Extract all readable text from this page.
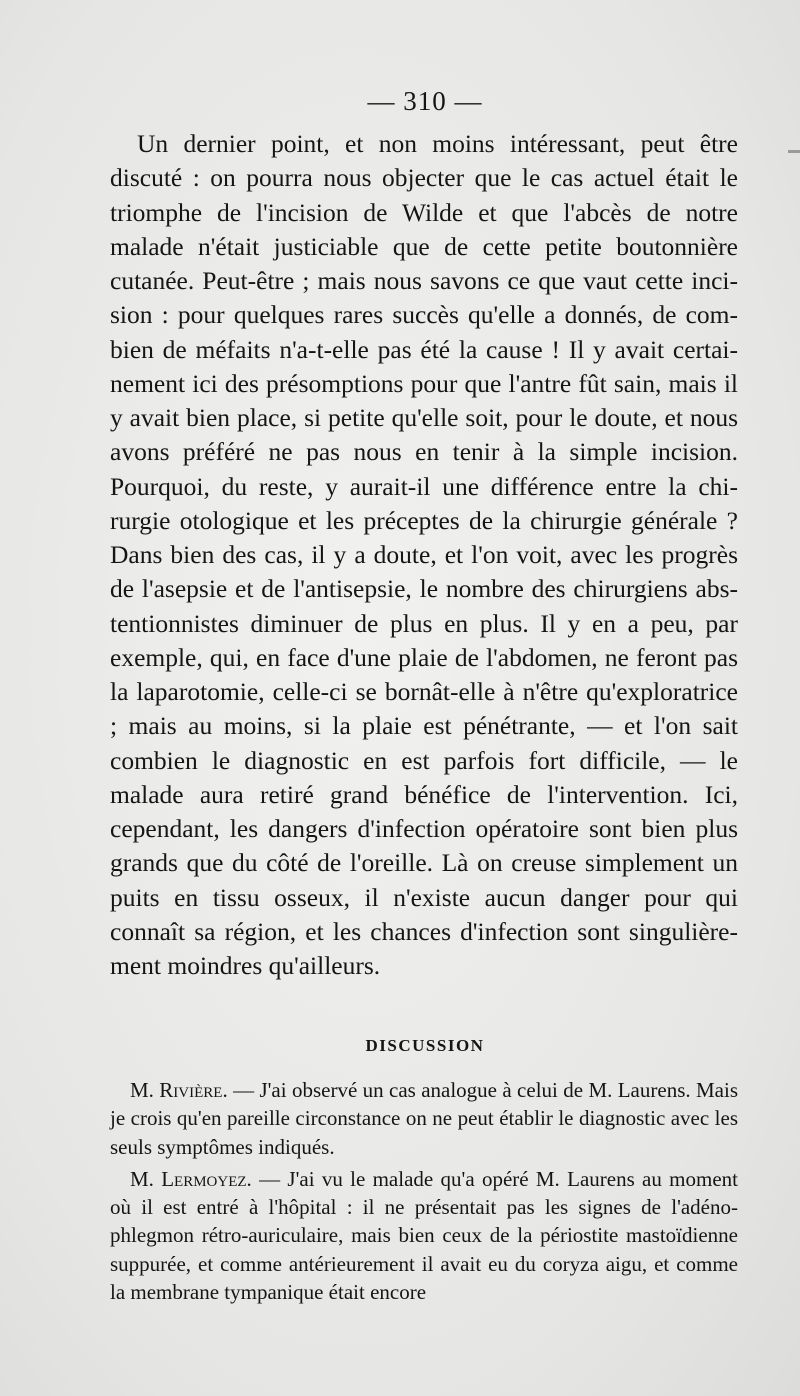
— 310 —

Un dernier point, et non moins intéressant, peut être discuté : on pourra nous objecter que le cas actuel était le triomphe de l'incision de Wilde et que l'abcès de notre malade n'était justiciable que de cette petite boutonnière cutanée. Peut-être ; mais nous savons ce que vaut cette incision : pour quelques rares succès qu'elle a donnés, de combien de méfaits n'a-t-elle pas été la cause ! Il y avait certainement ici des présomptions pour que l'antre fût sain, mais il y avait bien place, si petite qu'elle soit, pour le doute, et nous avons préféré ne pas nous en tenir à la simple incision. Pourquoi, du reste, y aurait-il une différence entre la chirurgie otologique et les préceptes de la chirurgie générale ? Dans bien des cas, il y a doute, et l'on voit, avec les progrès de l'asepsie et de l'antisepsie, le nombre des chirurgiens abstentionnistes diminuer de plus en plus. Il y en a peu, par exemple, qui, en face d'une plaie de l'abdomen, ne feront pas la laparotomie, celle-ci se bornât-elle à n'être qu'exploratrice ; mais au moins, si la plaie est pénétrante, — et l'on sait combien le diagnostic en est parfois fort difficile, — le malade aura retiré grand bénéfice de l'intervention. Ici, cependant, les dangers d'infection opératoire sont bien plus grands que du côté de l'oreille. Là on creuse simplement un puits en tissu osseux, il n'existe aucun danger pour qui connaît sa région, et les chances d'infection sont singulièrement moindres qu'ailleurs.

DISCUSSION

M. Rivière. — J'ai observé un cas analogue à celui de M. Laurens. Mais je crois qu'en pareille circonstance on ne peut établir le diagnostic avec les seuls symptômes indiqués.

M. Lermoyez. — J'ai vu le malade qu'a opéré M. Laurens au moment où il est entré à l'hôpital : il ne présentait pas les signes de l'adéno-phlegmon rétro-auriculaire, mais bien ceux de la périostite mastoïdienne suppurée, et comme antérieurement il avait eu du coryza aigu, et comme la membrane tympanique était encore
